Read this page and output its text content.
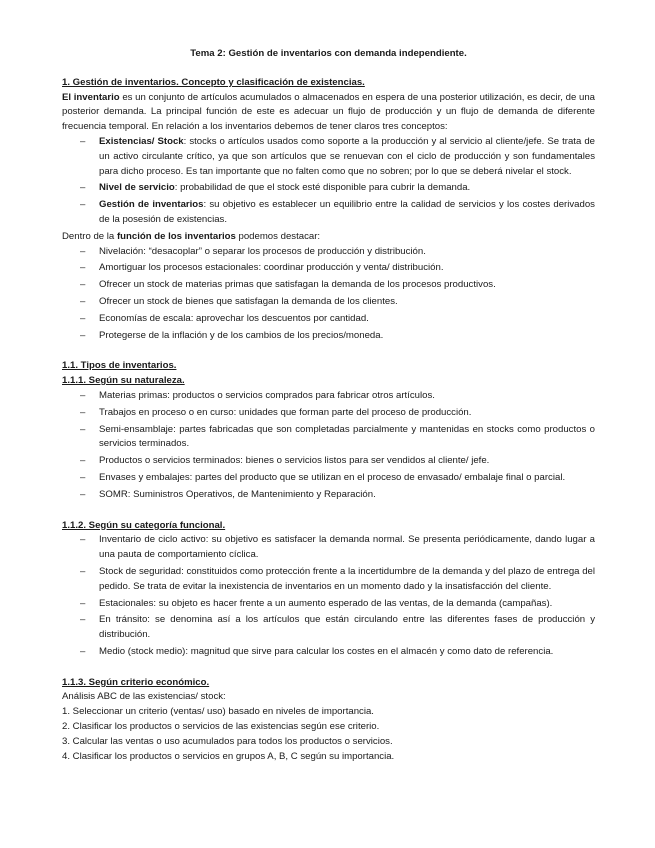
Tema 2: Gestión de inventarios con demanda independiente.
1. Gestión de inventarios. Concepto y clasificación de existencias.

El inventario es un conjunto de artículos acumulados o almacenados en espera de una posterior utilización, es decir, de una posterior demanda. La principal función de este es adecuar un flujo de producción y un flujo de demanda de diferente frecuencia temporal. En relación a los inventarios debemos de tener claros tres conceptos:

– Existencias/ Stock: stocks o artículos usados como soporte a la producción y al servicio al cliente/jefe. Se trata de un activo circulante crítico, ya que son artículos que se renuevan con el ciclo de producción y son fundamentales para dicho proceso. Es tan importante que no falten como que no sobren; por lo que se deberá nivelar el stock.
– Nivel de servicio: probabilidad de que el stock esté disponible para cubrir la demanda.
– Gestión de inventarios: su objetivo es establecer un equilibrio entre la calidad de servicios y los costes derivados de la posesión de existencias.

Dentro de la función de los inventarios podemos destacar:

– Nivelación: “desacoplar” o separar los procesos de producción y distribución.
– Amortiguar los procesos estacionales: coordinar producción y venta/ distribución.
– Ofrecer un stock de materias primas que satisfagan la demanda de los procesos productivos.
– Ofrecer un stock de bienes que satisfagan la demanda de los clientes.
– Economías de escala: aprovechar los descuentos por cantidad.
– Protegerse de la inflación y de los cambios de los precios/moneda.
1.1. Tipos de inventarios.
1.1.1. Según su naturaleza.
– Materias primas: productos o servicios comprados para fabricar otros artículos.
– Trabajos en proceso o en curso: unidades que forman parte del proceso de producción.
– Semi-ensamblaje: partes fabricadas que son completadas parcialmente y mantenidas en stocks como productos o servicios terminados.
– Productos o servicios terminados: bienes o servicios listos para ser vendidos al cliente/ jefe.
– Envases y embalajes: partes del producto que se utilizan en el proceso de envasado/ embalaje final o parcial.
– SOMR: Suministros Operativos, de Mantenimiento y Reparación.
1.1.2. Según su categoría funcional.
– Inventario de ciclo activo: su objetivo es satisfacer la demanda normal. Se presenta periódicamente, dando lugar a una pauta de comportamiento cíclica.
– Stock de seguridad: constituidos como protección frente a la incertidumbre de la demanda y del plazo de entrega del pedido. Se trata de evitar la inexistencia de inventarios en un momento dado y la insatisfacción del cliente.
– Estacionales: su objeto es hacer frente a un aumento esperado de las ventas, de la demanda (campañas).
– En tránsito: se denomina así a los artículos que están circulando entre las diferentes fases de producción y distribución.
– Medio (stock medio): magnitud que sirve para calcular los costes en el almacén y como dato de referencia.
1.1.3. Según criterio económico.

Análisis ABC de las existencias/ stock:

1. Seleccionar un criterio (ventas/ uso) basado en niveles de importancia.
2. Clasificar los productos o servicios de las existencias según ese criterio.
3. Calcular las ventas o uso acumulados para todos los productos o servicios.
4. Clasificar los productos o servicios en grupos A, B, C según su importancia.
